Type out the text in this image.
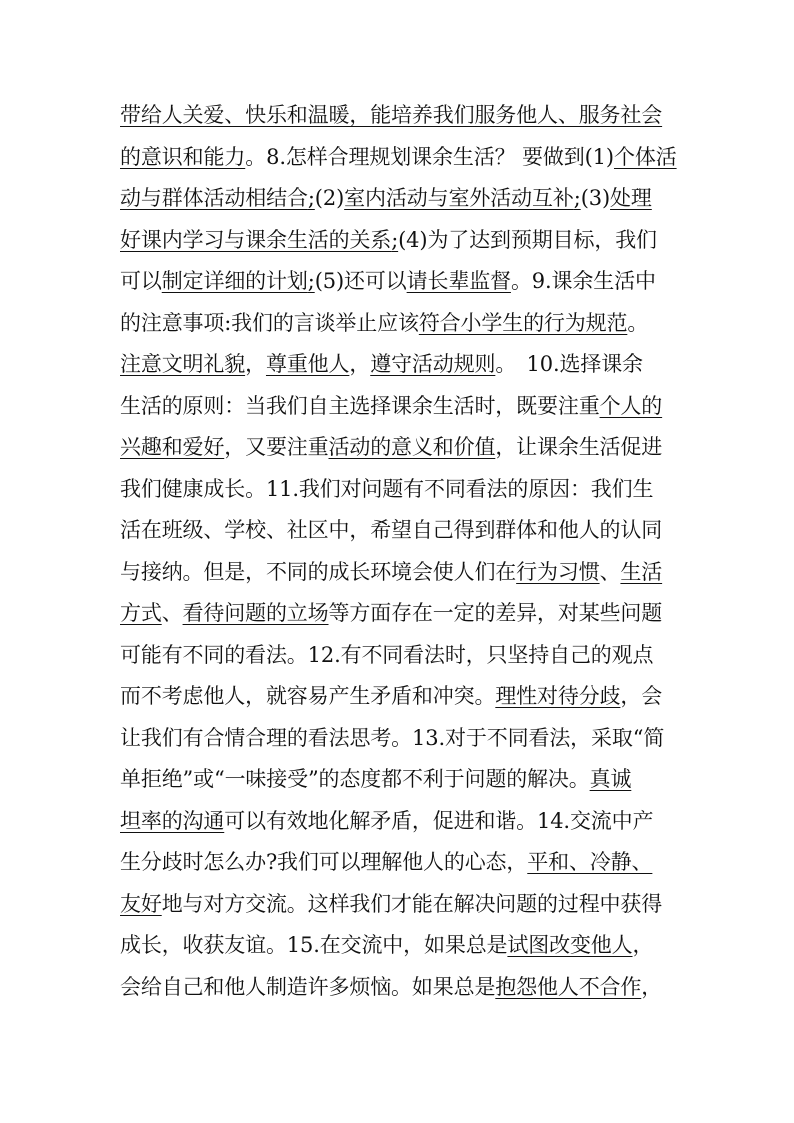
带给人关爱、快乐和温暖，能培养我们服务他人、服务社会
的意识和能力。8.怎样合理规划课余生活？ 要做到(1)个体活
动与群体活动相结合;(2)室内活动与室外活动互补;(3)处理
好课内学习与课余生活的关系;(4)为了达到预期目标，我们
可以制定详细的计划;(5)还可以请长辈监督。9.课余生活中
的注意事项:我们的言谈举止应该符合小学生的行为规范。
注意文明礼貌，尊重他人，遵守活动规则。　10.选择课余
生活的原则：当我们自主选择课余生活时，既要注重个人的
兴趣和爱好，又要注重活动的意义和价值，让课余生活促进
我们健康成长。11.我们对问题有不同看法的原因：我们生
活在班级、学校、社区中，希望自己得到群体和他人的认同
与接纳。但是，不同的成长环境会使人们在行为习惯、生活
方式、看待问题的立场等方面存在一定的差异，对某些问题
可能有不同的看法。12.有不同看法时，只坚持自己的观点
而不考虑他人，就容易产生矛盾和冲突。理性对待分歧，会
让我们有合情合理的看法思考。13.对于不同看法，采取“简
单拒绝”或“一味接受”的态度都不利于问题的解决。真诚
坦率的沟通可以有效地化解矛盾，促进和谐。14.交流中产
生分歧时怎么办?我们可以理解他人的心态，平和、冷静、
友好地与对方交流。这样我们才能在解决问题的过程中获得
成长，收获友谊。15.在交流中，如果总是试图改变他人，
会给自己和他人制造许多烦恼。如果总是抱怨他人不合作，
